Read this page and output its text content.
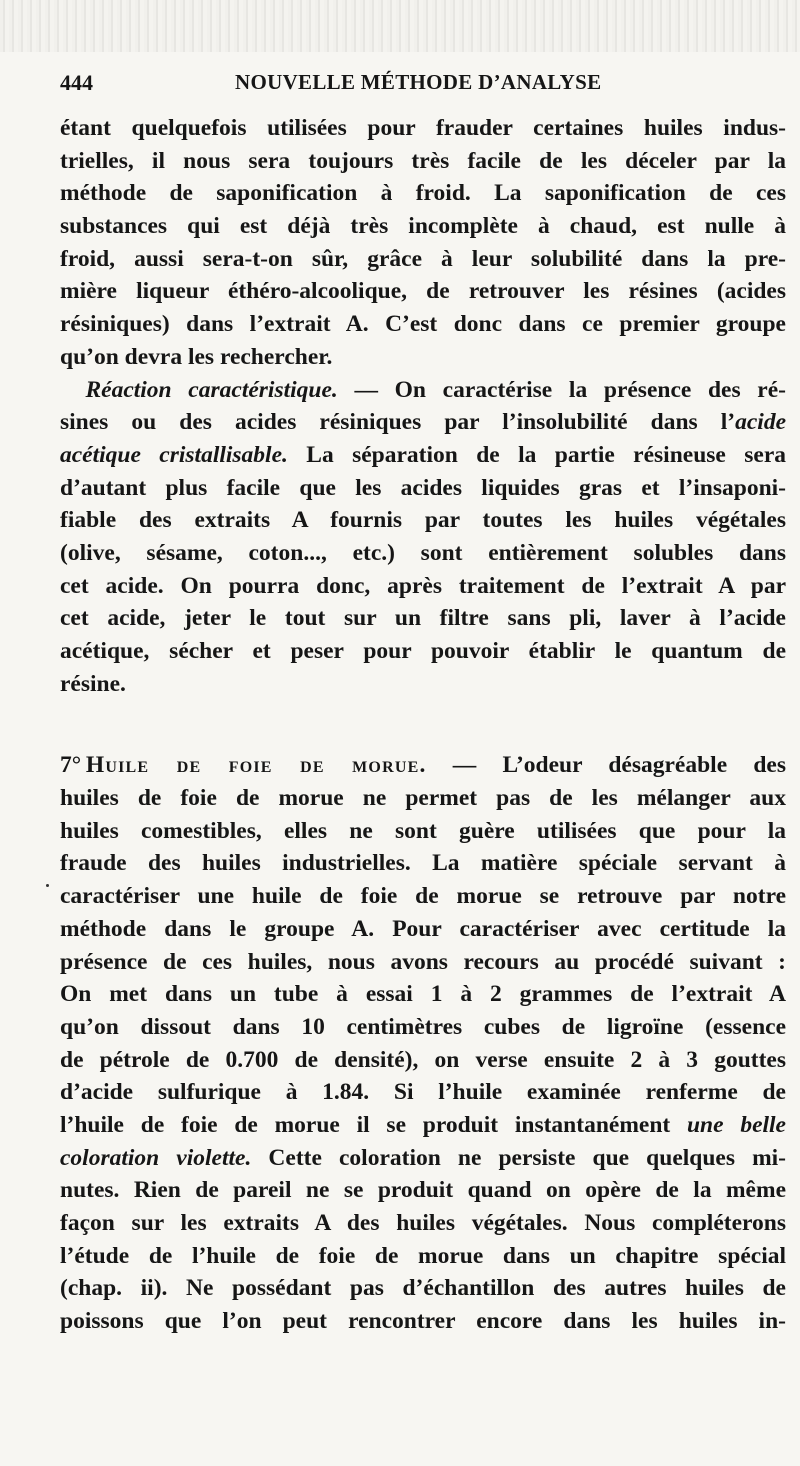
444	NOUVELLE MÉTHODE D’ANALYSE
étant quelquefois utilisées pour frauder certaines huiles indus-
trielles, il nous sera toujours très facile de les déceler par la
méthode de saponification à froid. La saponification de ces
substances qui est déjà très incomplète à chaud, est nulle à
froid, aussi sera-t-on sûr, grâce à leur solubilité dans la pre-
mière liqueur éthéro-alcoolique, de retrouver les résines (acides
résiniques) dans l’extrait A. C’est donc dans ce premier groupe
qu’on devra les rechercher.
  Réaction caractéristique. — On caractérise la présence des ré-
sines ou des acides résiniques par l’insolubilité dans l’acide
acétique cristallisable. La séparation de la partie résineuse sera
d’autant plus facile que les acides liquides gras et l’insaponi-
fiable des extraits A fournis par toutes les huiles végétales
(olive, sésame, coton..., etc.) sont entièrement solubles dans
cet acide. On pourra donc, après traitement de l’extrait A par
cet acide, jeter le tout sur un filtre sans pli, laver à l’acide
acétique, sécher et peser pour pouvoir établir le quantum de
résine.
7°  Huile de foie de morue. — L’odeur désagréable des
huiles de foie de morue ne permet pas de les mélanger aux
huiles comestibles, elles ne sont guère utilisées que pour la
fraude des huiles industrielles. La matière spéciale servant à
caractériser une huile de foie de morue se retrouve par notre
méthode dans le groupe A. Pour caractériser avec certitude la
présence de ces huiles, nous avons recours au procédé suivant :
On met dans un tube à essai 1 à 2 grammes de l’extrait A
qu’on dissout dans 10 centimètres cubes de ligroïne (essence
de pétrole de 0.700 de densité), on verse ensuite 2 à 3 gouttes
d’acide sulfurique à 1.84. Si l’huile examinée renferme de
l’huile de foie de morue il se produit instantanément une belle
coloration violette. Cette coloration ne persiste que quelques mi-
nutes. Rien de pareil ne se produit quand on opère de la même
façon sur les extraits A des huiles végétales. Nous compléterons
l’étude de l’huile de foie de morue dans un chapitre spécial
(chap. ii). Ne possédant pas d’échantillon des autres huiles de
poissons que l’on peut rencontrer encore dans les huiles in-
